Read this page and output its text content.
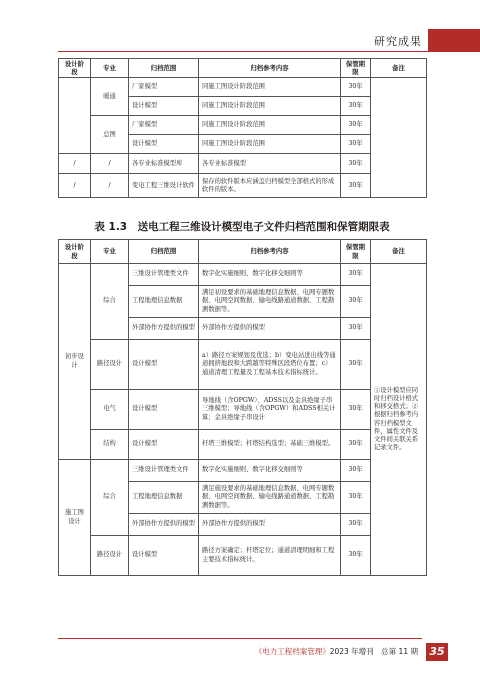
研究成果
设计阶段	专业	归档范围	归档参考内容	保管期限	备注
	暖通	厂家模型	同施工图设计阶段范围	30年	
		设计模型	同施工图设计阶段范围	30年	
	总图	厂家模型	同施工图设计阶段范围	30年	
		设计模型	同施工图设计阶段范围	30年	
/	/	各专业标准模型库	各专业标准模型	30年	
/	/	变电工程三维设计软件	保存的软件版本应涵盖归档模型全部格式的形成软件的版本。	30年	
表 1.3　送电工程三维设计模型电子文件归档范围和保管期限表
设计阶段	专业	归档范围	归档参考内容	保管期限	备注
初步设计	综合	三维设计管理类文件	数字化实施细则、数字化移交细则等	30年	①设计模型应同时归档设计格式和移交格式；②根据归档参考内容归档模型文件，属性文件及文件间关联关系记录文件。
		工程地理信息数据	满足初设要求的基础地理信息数据、电网专题数据、电网空间数据、输电线路通道数据、工程勘测数据等。	30年	
		外部协作方提供的模型	外部协作方提供的模型	30年	
	路径设计	设计模型	a）路径方案规划及优选；b）变电站进出线等通道拥挤地段和大跨越等特殊区段塔位布置；c）通道清理工程量及工程基本技术指标统计。	30年	
	电气	设计模型	导地线（含OPGW）、ADSS以及金具绝缘子串三维模型；导地线（含OPGW）和ADSS相关计算；金具绝缘子串设计	30年	
	结构	设计模型	杆塔三维模型；杆塔结构选型；基础三维模型。	30年	
施工图设计	综合	三维设计管理类文件	数字化实施细则、数字化移交细则等	30年	
		工程地理信息数据	满足施设要求的基础地理信息数据、电网专题数据、电网空间数据、输电线路通道数据、工程勘测数据等。	30年	
		外部协作方提供的模型	外部协作方提供的模型	30年	
	路径设计	设计模型	路径方案确定；杆塔定位；通道清理明细和工程主要技术指标统计。	30年	
《电力工程档案管理》2023 年增刊　总第 11 期	35
